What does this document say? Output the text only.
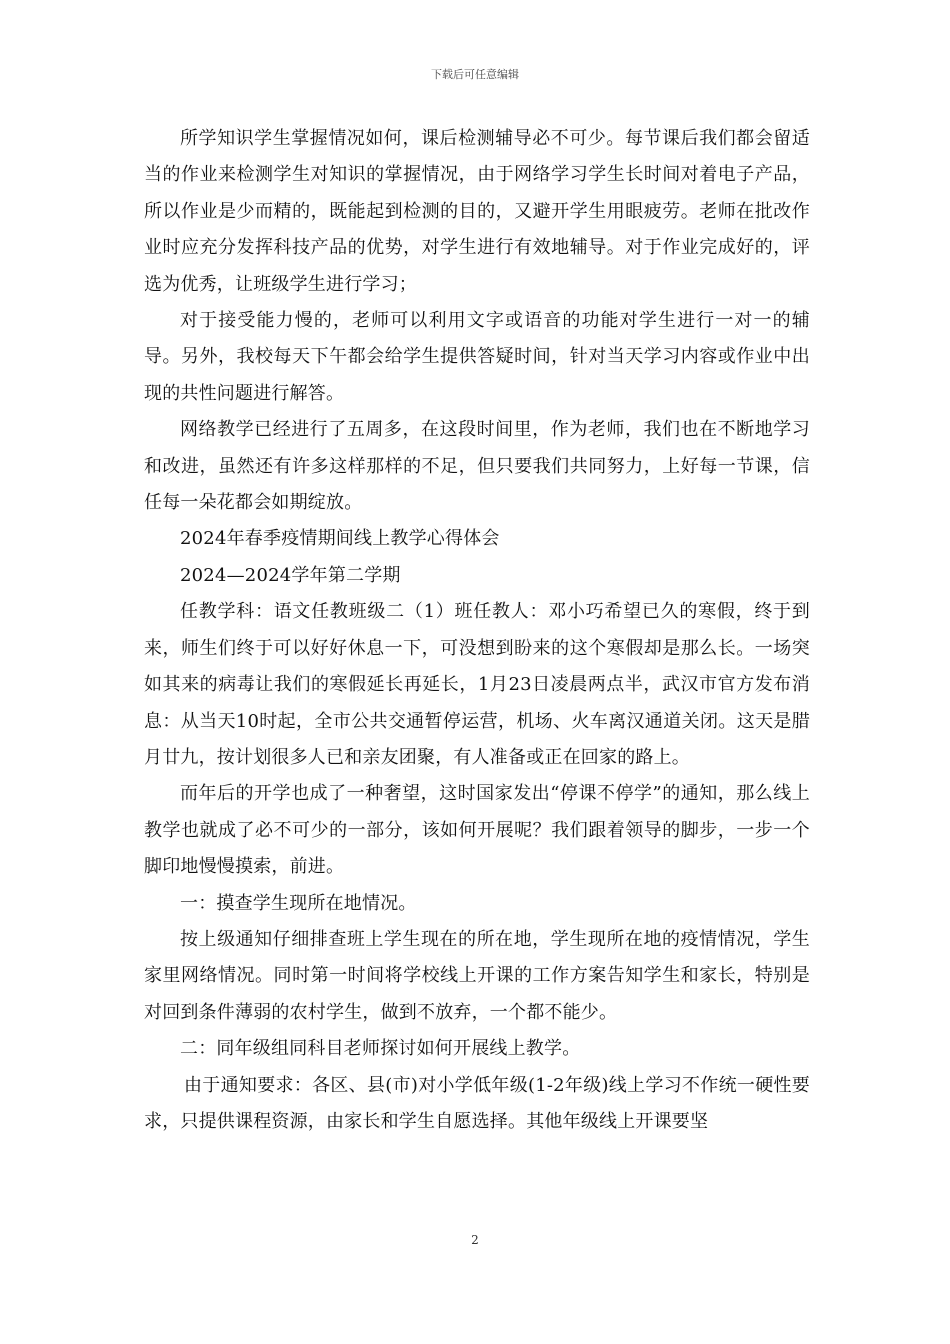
下载后可任意编辑

所学知识学生掌握情况如何，课后检测辅导必不可少。每节课后我们都会留适当的作业来检测学生对知识的掌握情况，由于网络学习学生长时间对着电子产品，所以作业是少而精的，既能起到检测的目的，又避开学生用眼疲劳。老师在批改作业时应充分发挥科技产品的优势，对学生进行有效地辅导。对于作业完成好的，评选为优秀，让班级学生进行学习；

对于接受能力慢的，老师可以利用文字或语音的功能对学生进行一对一的辅导。另外，我校每天下午都会给学生提供答疑时间，针对当天学习内容或作业中出现的共性问题进行解答。

网络教学已经进行了五周多，在这段时间里，作为老师，我们也在不断地学习和改进，虽然还有许多这样那样的不足，但只要我们共同努力，上好每一节课，信任每一朵花都会如期绽放。

2024年春季疫情期间线上教学心得体会

2024—2024学年第二学期

任教学科：语文任教班级二（1）班任教人：邓小巧希望已久的寒假，终于到来，师生们终于可以好好休息一下，可没想到盼来的这个寒假却是那么长。一场突如其来的病毒让我们的寒假延长再延长，1月23日凌晨两点半，武汉市官方发布消息：从当天10时起，全市公共交通暂停运营，机场、火车离汉通道关闭。这天是腊月廿九，按计划很多人已和亲友团聚，有人准备或正在回家的路上。

而年后的开学也成了一种奢望，这时国家发出“停课不停学”的通知，那么线上教学也就成了必不可少的一部分，该如何开展呢？我们跟着领导的脚步，一步一个脚印地慢慢摸索，前进。

一：摸查学生现所在地情况。

按上级通知仔细排查班上学生现在的所在地，学生现所在地的疫情情况，学生家里网络情况。同时第一时间将学校线上开课的工作方案告知学生和家长，特别是对回到条件薄弱的农村学生，做到不放弃，一个都不能少。

二：同年级组同科目老师探讨如何开展线上教学。

由于通知要求：各区、县(市)对小学低年级(1-2年级)线上学习不作统一硬性要求，只提供课程资源，由家长和学生自愿选择。其他年级线上开课要坚

2
